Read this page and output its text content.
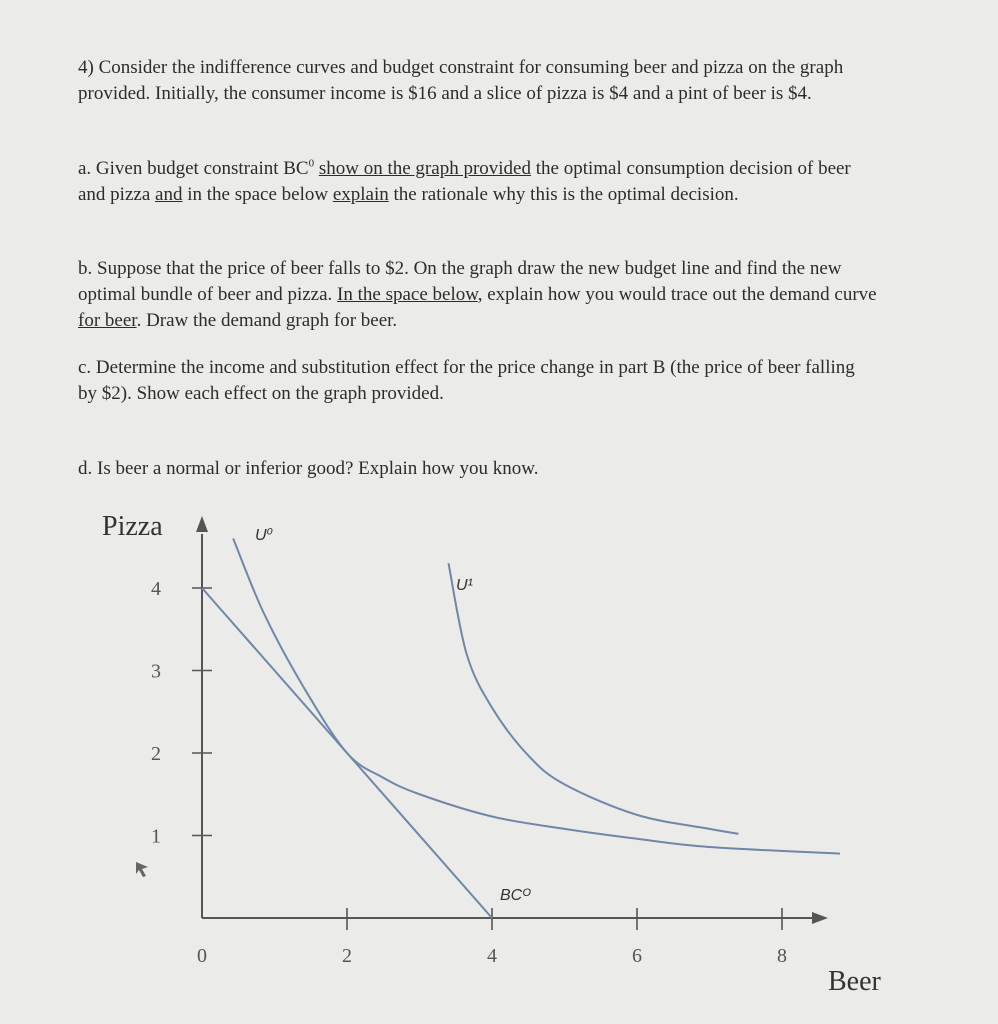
4) Consider the indifference curves and budget constraint for consuming beer and pizza on the graph provided. Initially, the consumer income is $16 and a slice of pizza is $4 and a pint of beer is $4.

a. Given budget constraint $BC^0$ show on the graph provided the optimal consumption decision of beer and pizza and in the space below explain the rationale why this is the optimal decision.

b. Suppose that the price of beer falls to $2. On the graph draw the new budget line and find the new optimal bundle of beer and pizza. In the space below, explain how you would trace out the demand curve for beer. Draw the demand graph for beer.

c. Determine the income and substitution effect for the price change in part B (the price of beer falling by $2). Show each effect on the graph provided.

d. Is beer a normal or inferior good? Explain how you know.

4
3
2
1
0	2	4	6	8
Pizza
Beer
U⁰
U¹
BCᴼ
